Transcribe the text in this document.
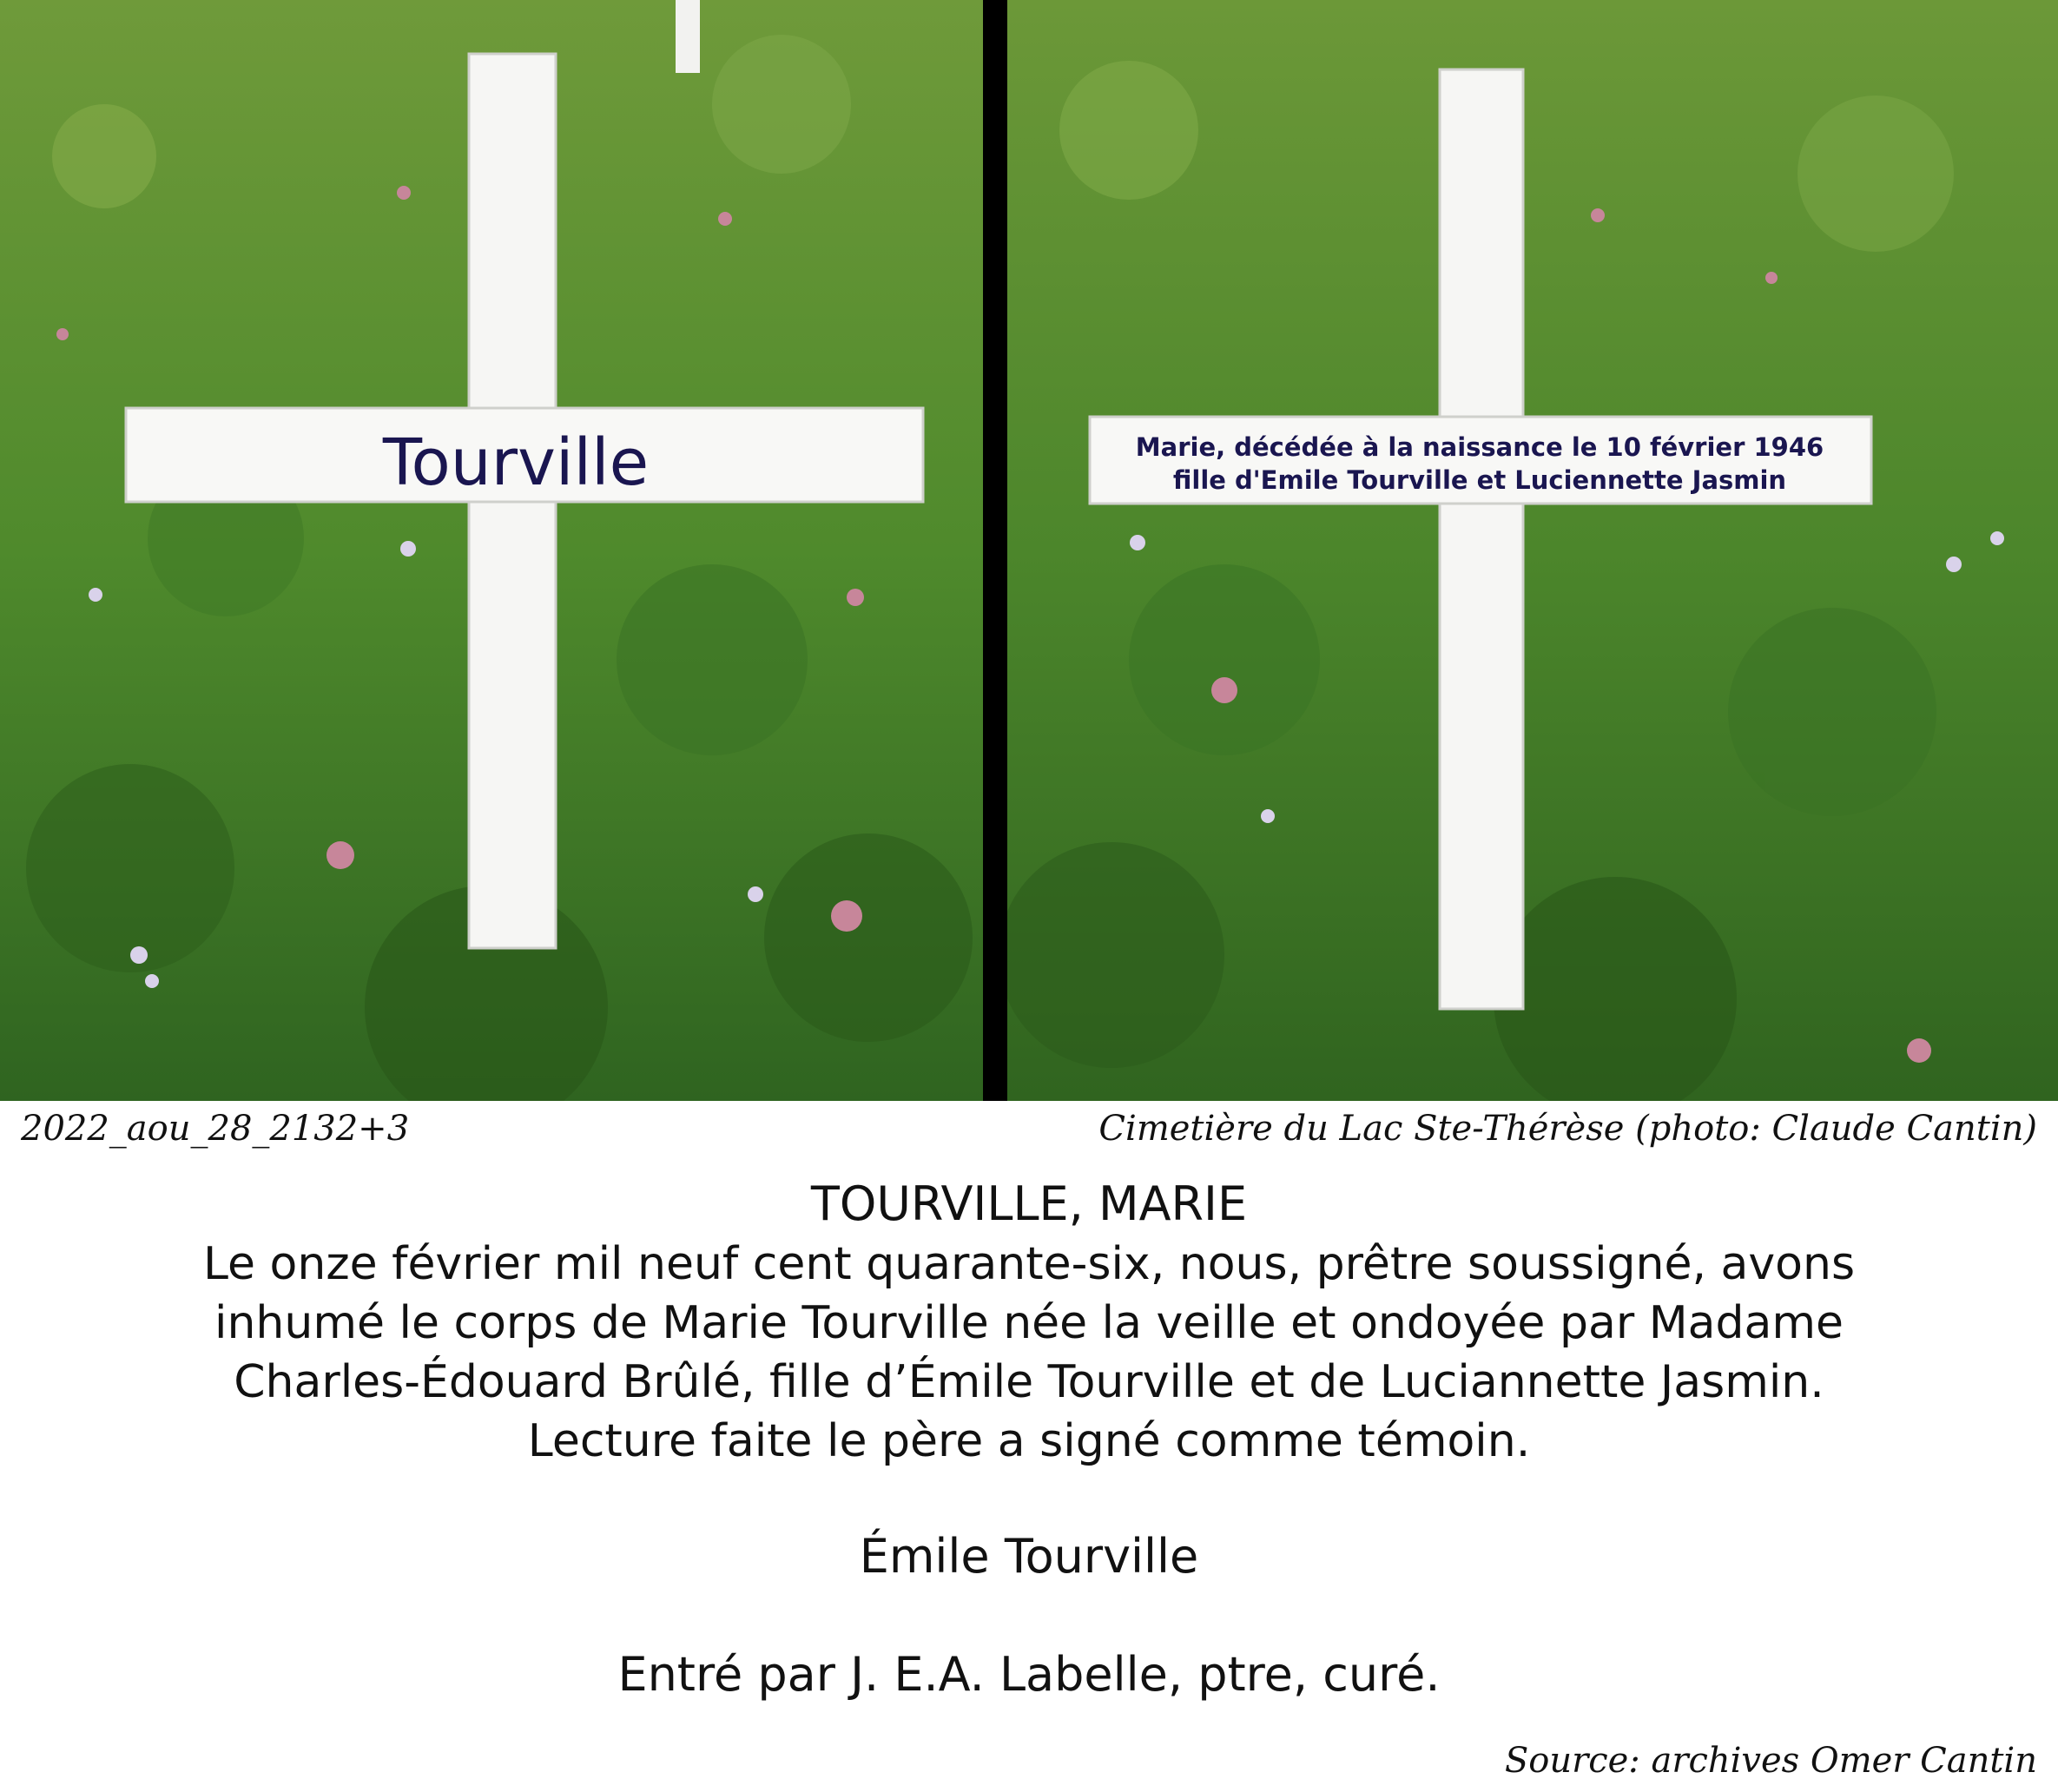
Tourville	Marie, décédée à la naissance le 10 février 1946
fille d'Emile Tourville et Luciennette Jasmin
2022_aou_28_2132+3	Cimetière du Lac Ste-Thérèse (photo: Claude Cantin)
TOURVILLE, MARIE
Le onze février mil neuf cent quarante-six, nous, prêtre soussigné, avons
inhumé le corps de Marie Tourville née la veille et ondoyée par Madame
Charles-Édouard Brûlé, fille d’Émile Tourville et de Luciannette Jasmin.
Lecture faite le père a signé comme témoin.
Émile Tourville
Entré par J. E.A. Labelle, ptre, curé.
Source: archives Omer Cantin
